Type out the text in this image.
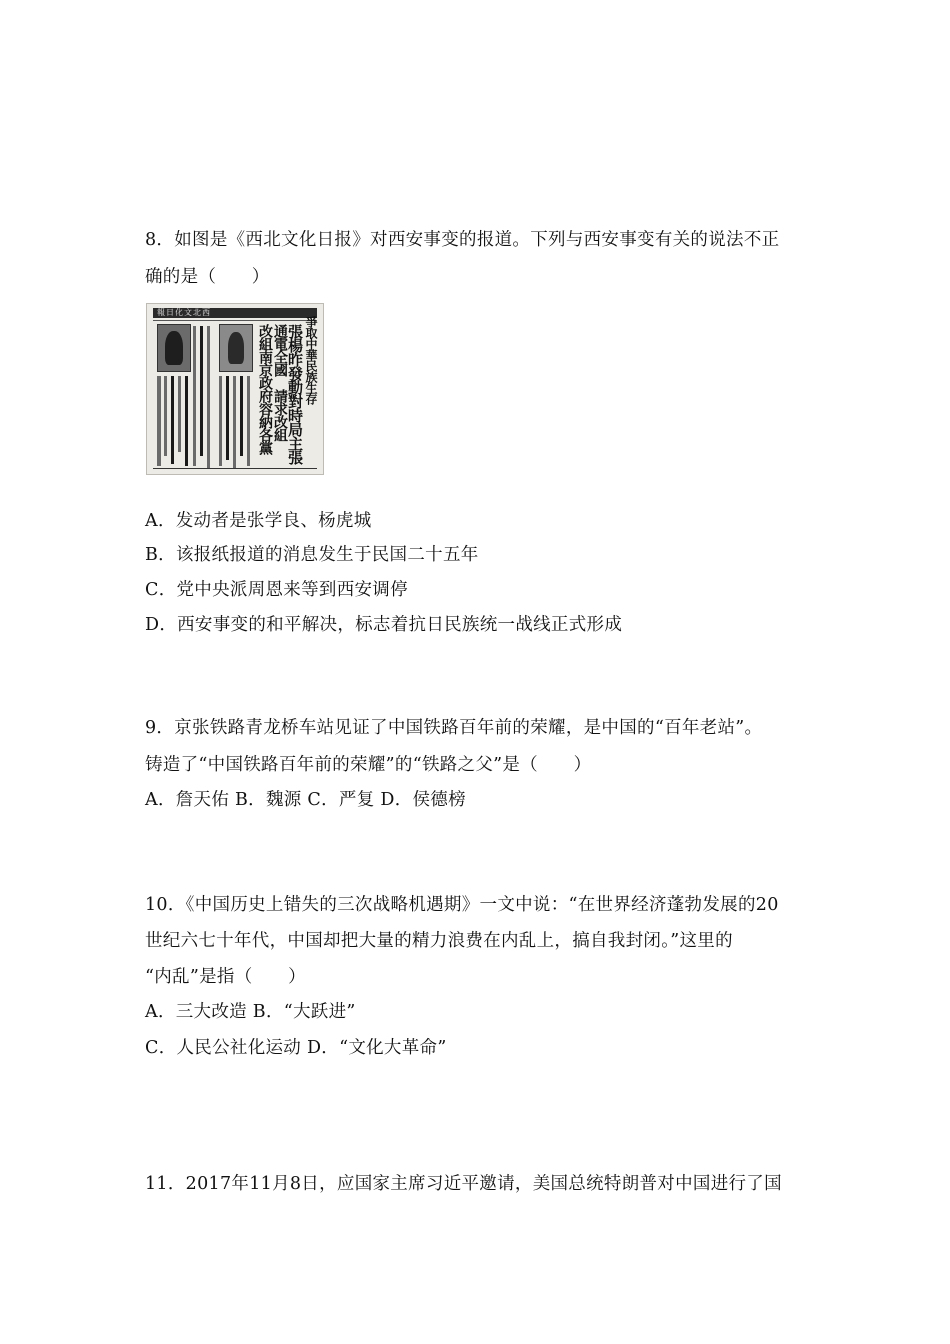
8．如图是《西北文化日报》对西安事变的报道。下列与西安事变有关的说法不正
确的是（　　）
報日化文北西
改組南京政府容納各黨 通電全國　請求改組
張楊昨發動對時局主張 爭取中華民族生存
A．发动者是张学良、杨虎城
B．该报纸报道的消息发生于民国二十五年
C．党中央派周恩来等到西安调停
D．西安事变的和平解决，标志着抗日民族统一战线正式形成
9．京张铁路青龙桥车站见证了中国铁路百年前的荣耀，是中国的“百年老站”。
铸造了“中国铁路百年前的荣耀”的“铁路之父”是（　　）
A．詹天佑 B．魏源 C．严复 D．侯德榜
10．《中国历史上错失的三次战略机遇期》一文中说：“在世界经济蓬勃发展的20
世纪六七十年代，中国却把大量的精力浪费在内乱上，搞自我封闭。”这里的
“内乱”是指（　　）
A．三大改造 B．“大跃进”
C．人民公社化运动 D．“文化大革命”
11．2017年11月8日，应国家主席习近平邀请，美国总统特朗普对中国进行了国
